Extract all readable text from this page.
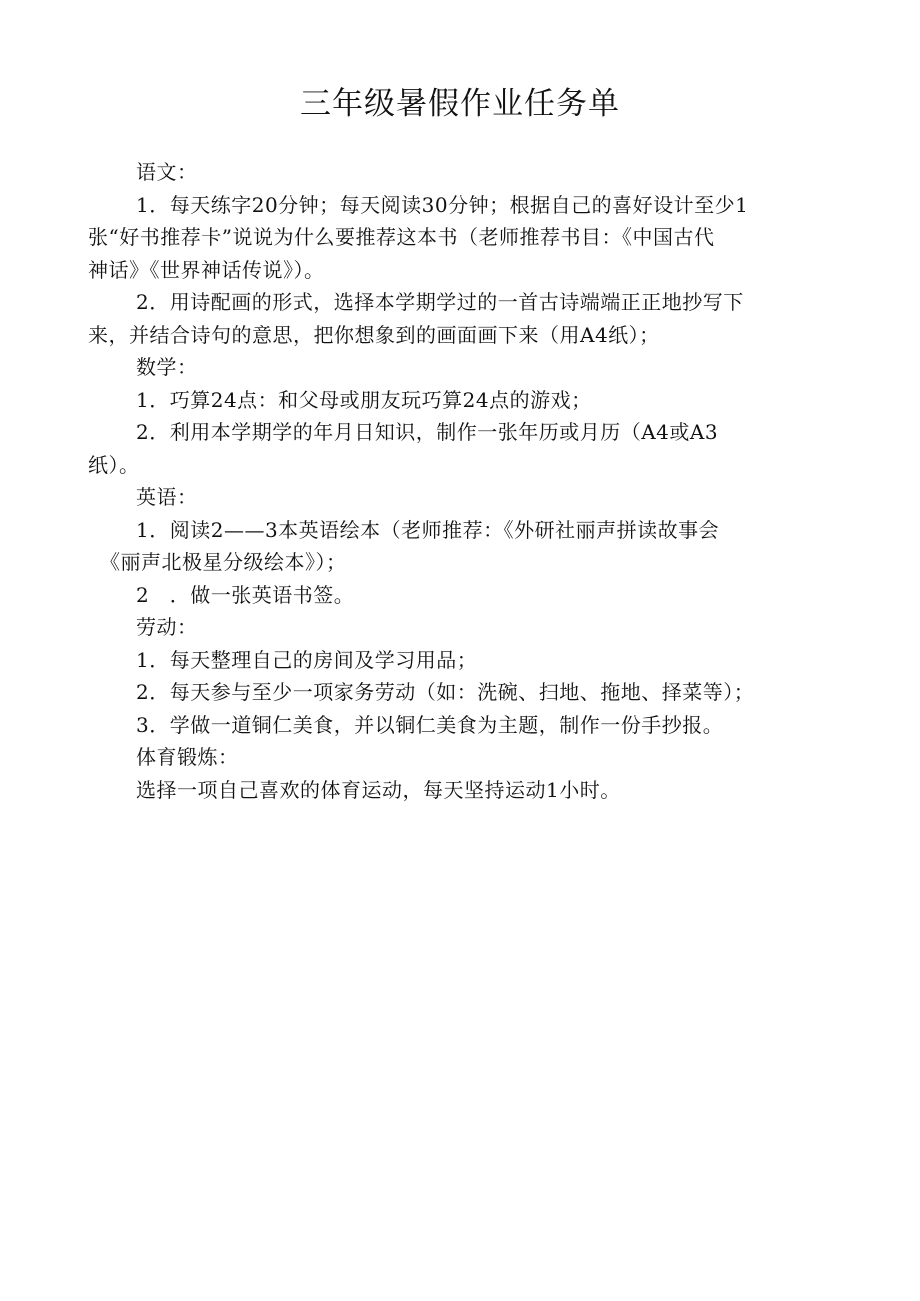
三年级暑假作业任务单
语文：
1．每天练字20分钟；每天阅读30分钟；根据自己的喜好设计至少1
张“好书推荐卡”说说为什么要推荐这本书（老师推荐书目：《中国古代
神话》《世界神话传说》）。
2．用诗配画的形式，选择本学期学过的一首古诗端端正正地抄写下
来，并结合诗句的意思，把你想象到的画面画下来（用A4纸）；
数学：
1．巧算24点：和父母或朋友玩巧算24点的游戏；
2．利用本学期学的年月日知识，制作一张年历或月历（A4或A3
纸）。
英语：
1．阅读2——3本英语绘本（老师推荐：《外研社丽声拼读故事会
《丽声北极星分级绘本》）；
2　．做一张英语书签。
劳动：
1．每天整理自己的房间及学习用品；
2．每天参与至少一项家务劳动（如：洗碗、扫地、拖地、择菜等）；
3．学做一道铜仁美食，并以铜仁美食为主题，制作一份手抄报。
体育锻炼：
选择一项自己喜欢的体育运动，每天坚持运动1小时。
